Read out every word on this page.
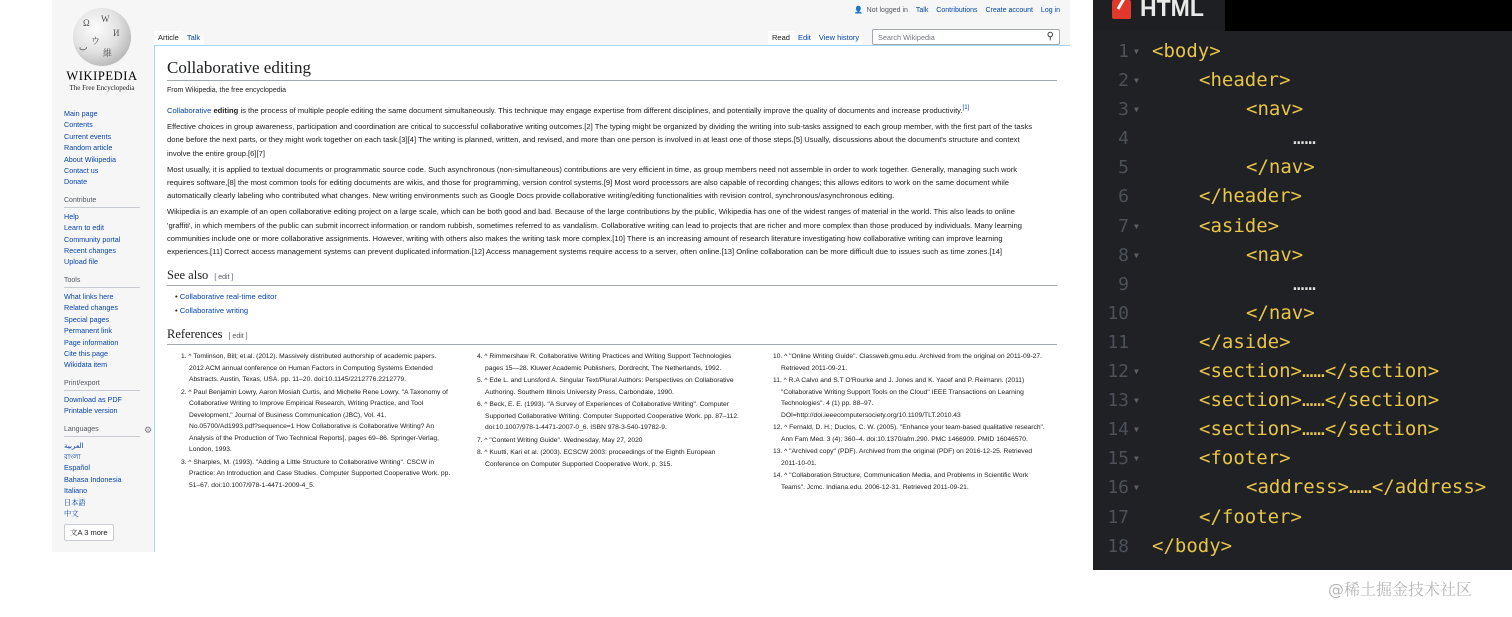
Ω W
И
ウ
ب
維
WIKIPEDIA
The Free Encyclopedia
👤 Not logged in Talk Contributions Create account Log in
Article Talk	Read Edit View history	Search Wikipedia	⚲
Main page
Contents
Current events
Random article
About Wikipedia
Contact us
Donate
Contribute
Help
Learn to edit
Community portal
Recent changes
Upload file
Tools
What links here
Related changes
Special pages
Permanent link
Page information
Cite this page
Wikidata item
Print/export
Download as PDF
Printable version
Languages	⚙
العربية
বাংলা
Español
Bahasa Indonesia
Italiano
日本語
中文
文A 3 more
Collaborative editing
From Wikipedia, the free encyclopedia
Collaborative editing is the process of multiple people editing the same document simultaneously. This technique may engage expertise from different disciplines, and potentially improve the quality of documents and increase productivity.[1]
Effective choices in group awareness, participation and coordination are critical to successful collaborative writing outcomes.[2] The typing might be organized by dividing the writing into sub-tasks assigned to each group member, with the first part of the tasks done before the next parts, or they might work together on each task.[3][4] The writing is planned, written, and revised, and more than one person is involved in at least one of those steps.[5] Usually, discussions about the document's structure and context involve the entire group.[6][7]
Most usually, it is applied to textual documents or programmatic source code. Such asynchronous (non-simultaneous) contributions are very efficient in time, as group members need not assemble in order to work together. Generally, managing such work requires software,[8] the most common tools for editing documents are wikis, and those for programming, version control systems.[9] Most word processors are also capable of recording changes; this allows editors to work on the same document while automatically clearly labeling who contributed what changes. New writing environments such as Google Docs provide collaborative writing/editing functionalities with revision control, synchronous/asynchronous editing.
Wikipedia is an example of an open collaborative editing project on a large scale, which can be both good and bad. Because of the large contributions by the public, Wikipedia has one of the widest ranges of material in the world. This also leads to online 'graffiti', in which members of the public can submit incorrect information or random rubbish, sometimes referred to as vandalism. Collaborative writing can lead to projects that are richer and more complex than those produced by individuals. Many learning communities include one or more collaborative assignments. However, writing with others also makes the writing task more complex.[10] There is an increasing amount of research literature investigating how collaborative writing can improve learning experiences.[11] Correct access management systems can prevent duplicated information.[12] Access management systems require access to a server, often online.[13] Online collaboration can be more difficult due to issues such as time zones.[14]
See also [ edit ]
• Collaborative real-time editor
• Collaborative writing
References [ edit ]
1. ^ Tomlinson, Bill; et al. (2012). Massively distributed authorship of academic papers. 2012 ACM annual conference on Human Factors in Computing Systems Extended Abstracts. Austin, Texas, USA. pp. 11–20. doi:10.1145/2212776.2212779.
2. ^ Paul Benjamin Lowry, Aaron Mosiah Curtis, and Michelle Rene Lowry. "A Taxonomy of Collaborative Writing to Improve Empirical Research, Writing Practice, and Tool Development," Journal of Business Communication (JBC), Vol. 41, No.05700/Ad1993.pdf?sequence=1 How Collaborative is Collaborative Writing? An Analysis of the Production of Two Technical Reports], pages 69–86. Springer-Verlag, London, 1993.
3. ^ Sharples, M. (1993). "Adding a Little Structure to Collaborative Writing". CSCW in Practice: An Introduction and Case Studies. Computer Supported Cooperative Work. pp. 51–67. doi:10.1007/978-1-4471-2009-4_5.
4. ^ Rimmershaw R. Collaborative Writing Practices and Writing Support Technologies pages 15—28. Kluwer Academic Publishers, Dordrecht, The Netherlands, 1992.
5. ^ Ede L. and Lunsford A. Singular Text/Plural Authors: Perspectives on Collaborative Authoring. Southern Illinois University Press, Carbondale, 1990.
6. ^ Beck, E. E. (1993). "A Survey of Experiences of Collaborative Writing". Computer Supported Collaborative Writing. Computer Supported Cooperative Work. pp. 87–112. doi:10.1007/978-1-4471-2007-0_6. ISBN 978-3-540-19782-9.
7. ^ "Content Writing Guide". Wednesday, May 27, 2020
8. ^ Kuutti, Kari et al. (2003). ECSCW 2003: proceedings of the Eighth European Conference on Computer Supported Cooperative Work, p. 315.
10. ^ "Online Writing Guide". Classweb.gmu.edu. Archived from the original on 2011-09-27. Retrieved 2011-09-21.
11. ^ R.A Calvo and S.T O'Rourke and J. Jones and K. Yacef and P. Reimann. (2011) "Collaborative Writing Support Tools on the Cloud" IEEE Transactions on Learning Technologies". 4 (1) pp. 88–97. DOI=http://doi.ieeecomputersociety.org/10.1109/TLT.2010.43
12. ^ Fernald, D. H.; Duclos, C. W. (2005). "Enhance your team-based qualitative research". Ann Fam Med. 3 (4): 360–4. doi:10.1370/afm.290. PMC 1466909. PMID 16046570.
13. ^ "Archived copy" (PDF). Archived from the original (PDF) on 2016-12-25. Retrieved 2011-10-01.
14. ^ "Collaboration Structure, Communication Media, and Problems in Scientific Work Teams". Jcmc. Indiana.edu. 2006-12-31. Retrieved 2011-09-21.
HTML
1 ▼ <body>
2 ▼	<header>
3 ▼	<nav>
4	……
5	</nav>
6	</header>
7 ▼	<aside>
8 ▼	<nav>
9	……
10	</nav>
11	</aside>
12 ▼	<section>……</section>
13 ▼	<section>……</section>
14 ▼	<section>……</section>
15 ▼	<footer>
16 ▼	<address>……</address>
17	</footer>
18 </body>
@稀土掘金技术社区
